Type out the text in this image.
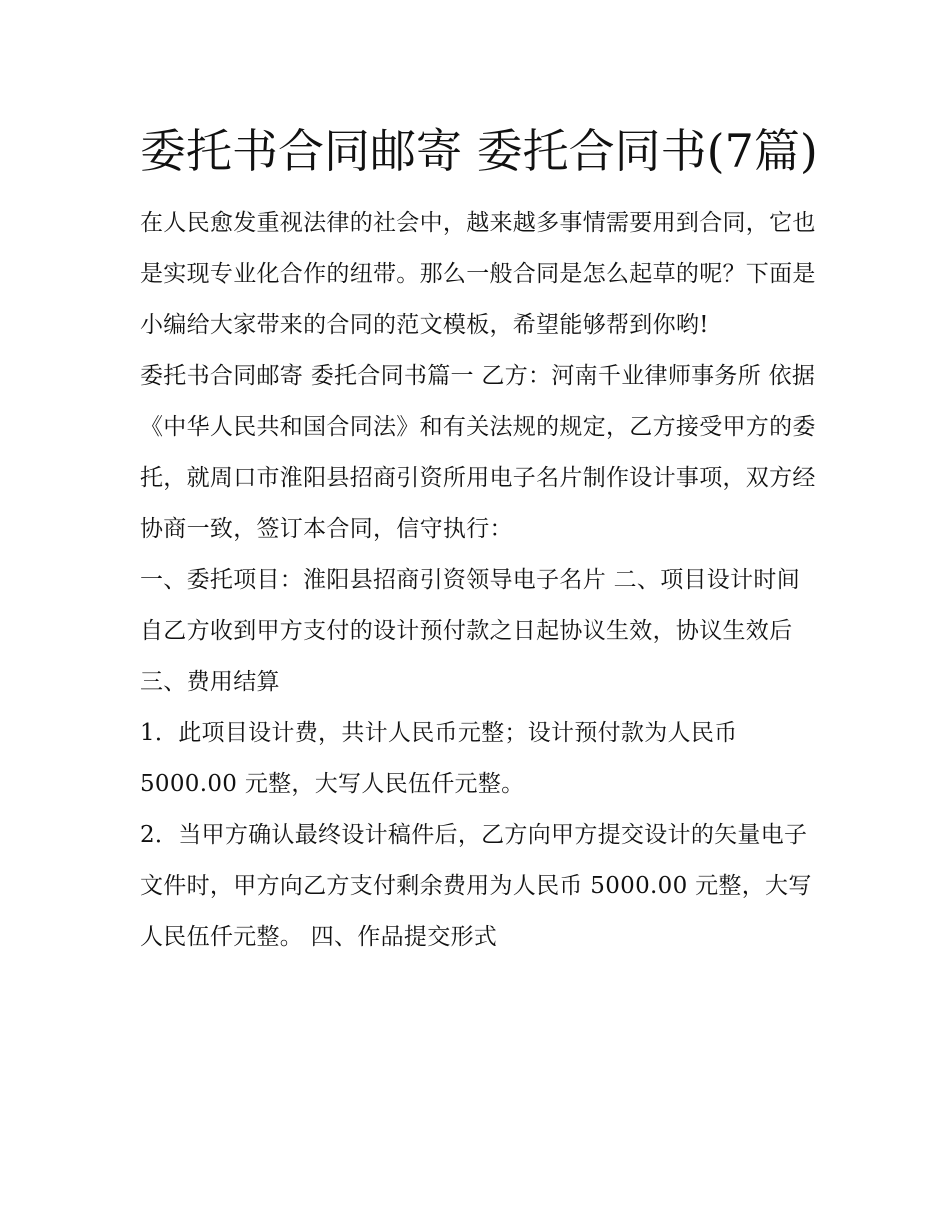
委托书合同邮寄 委托合同书(7篇)

在人民愈发重视法律的社会中，越来越多事情需要用到合同，它也是实现专业化合作的纽带。那么一般合同是怎么起草的呢？下面是小编给大家带来的合同的范文模板，希望能够帮到你哟!

委托书合同邮寄 委托合同书篇一 乙方：河南千业律师事务所 依据《中华人民共和国合同法》和有关法规的规定，乙方接受甲方的委托，就周口市淮阳县招商引资所用电子名片制作设计事项，双方经协商一致，签订本合同，信守执行：

一、委托项目：淮阳县招商引资领导电子名片 二、项目设计时间 自乙方收到甲方支付的设计预付款之日起协议生效，协议生效后 三、费用结算

1．此项目设计费，共计人民币元整；设计预付款为人民币5000.00 元整，大写人民伍仟元整。

2．当甲方确认最终设计稿件后，乙方向甲方提交设计的矢量电子文件时，甲方向乙方支付剩余费用为人民币 5000.00 元整，大写人民伍仟元整。 四、作品提交形式
